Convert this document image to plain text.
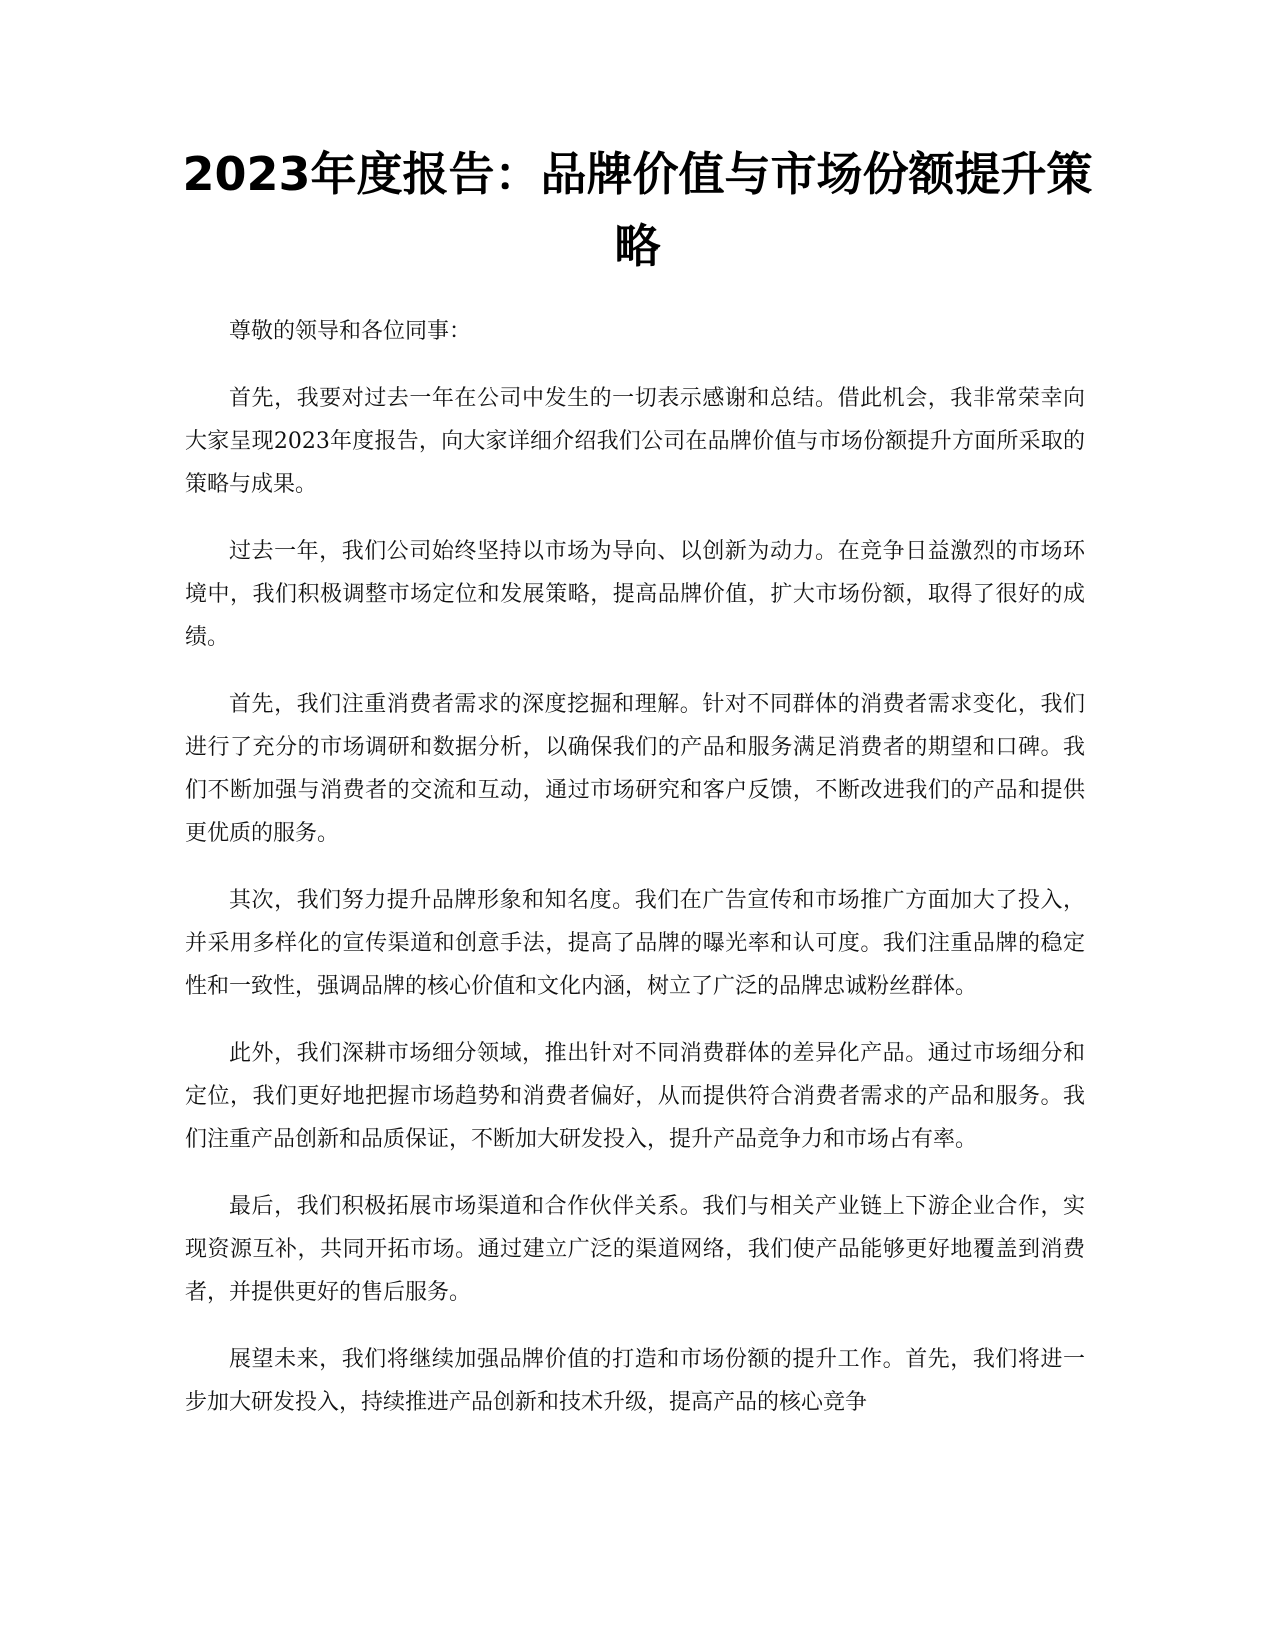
2023年度报告：品牌价值与市场份额提升策略

尊敬的领导和各位同事：

首先，我要对过去一年在公司中发生的一切表示感谢和总结。借此机会，我非常荣幸向大家呈现2023年度报告，向大家详细介绍我们公司在品牌价值与市场份额提升方面所采取的策略与成果。

过去一年，我们公司始终坚持以市场为导向、以创新为动力。在竞争日益激烈的市场环境中，我们积极调整市场定位和发展策略，提高品牌价值，扩大市场份额，取得了很好的成绩。

首先，我们注重消费者需求的深度挖掘和理解。针对不同群体的消费者需求变化，我们进行了充分的市场调研和数据分析，以确保我们的产品和服务满足消费者的期望和口碑。我们不断加强与消费者的交流和互动，通过市场研究和客户反馈，不断改进我们的产品和提供更优质的服务。

其次，我们努力提升品牌形象和知名度。我们在广告宣传和市场推广方面加大了投入，并采用多样化的宣传渠道和创意手法，提高了品牌的曝光率和认可度。我们注重品牌的稳定性和一致性，强调品牌的核心价值和文化内涵，树立了广泛的品牌忠诚粉丝群体。

此外，我们深耕市场细分领域，推出针对不同消费群体的差异化产品。通过市场细分和定位，我们更好地把握市场趋势和消费者偏好，从而提供符合消费者需求的产品和服务。我们注重产品创新和品质保证，不断加大研发投入，提升产品竞争力和市场占有率。

最后，我们积极拓展市场渠道和合作伙伴关系。我们与相关产业链上下游企业合作，实现资源互补，共同开拓市场。通过建立广泛的渠道网络，我们使产品能够更好地覆盖到消费者，并提供更好的售后服务。

展望未来，我们将继续加强品牌价值的打造和市场份额的提升工作。首先，我们将进一步加大研发投入，持续推进产品创新和技术升级，提高产品的核心竞争
